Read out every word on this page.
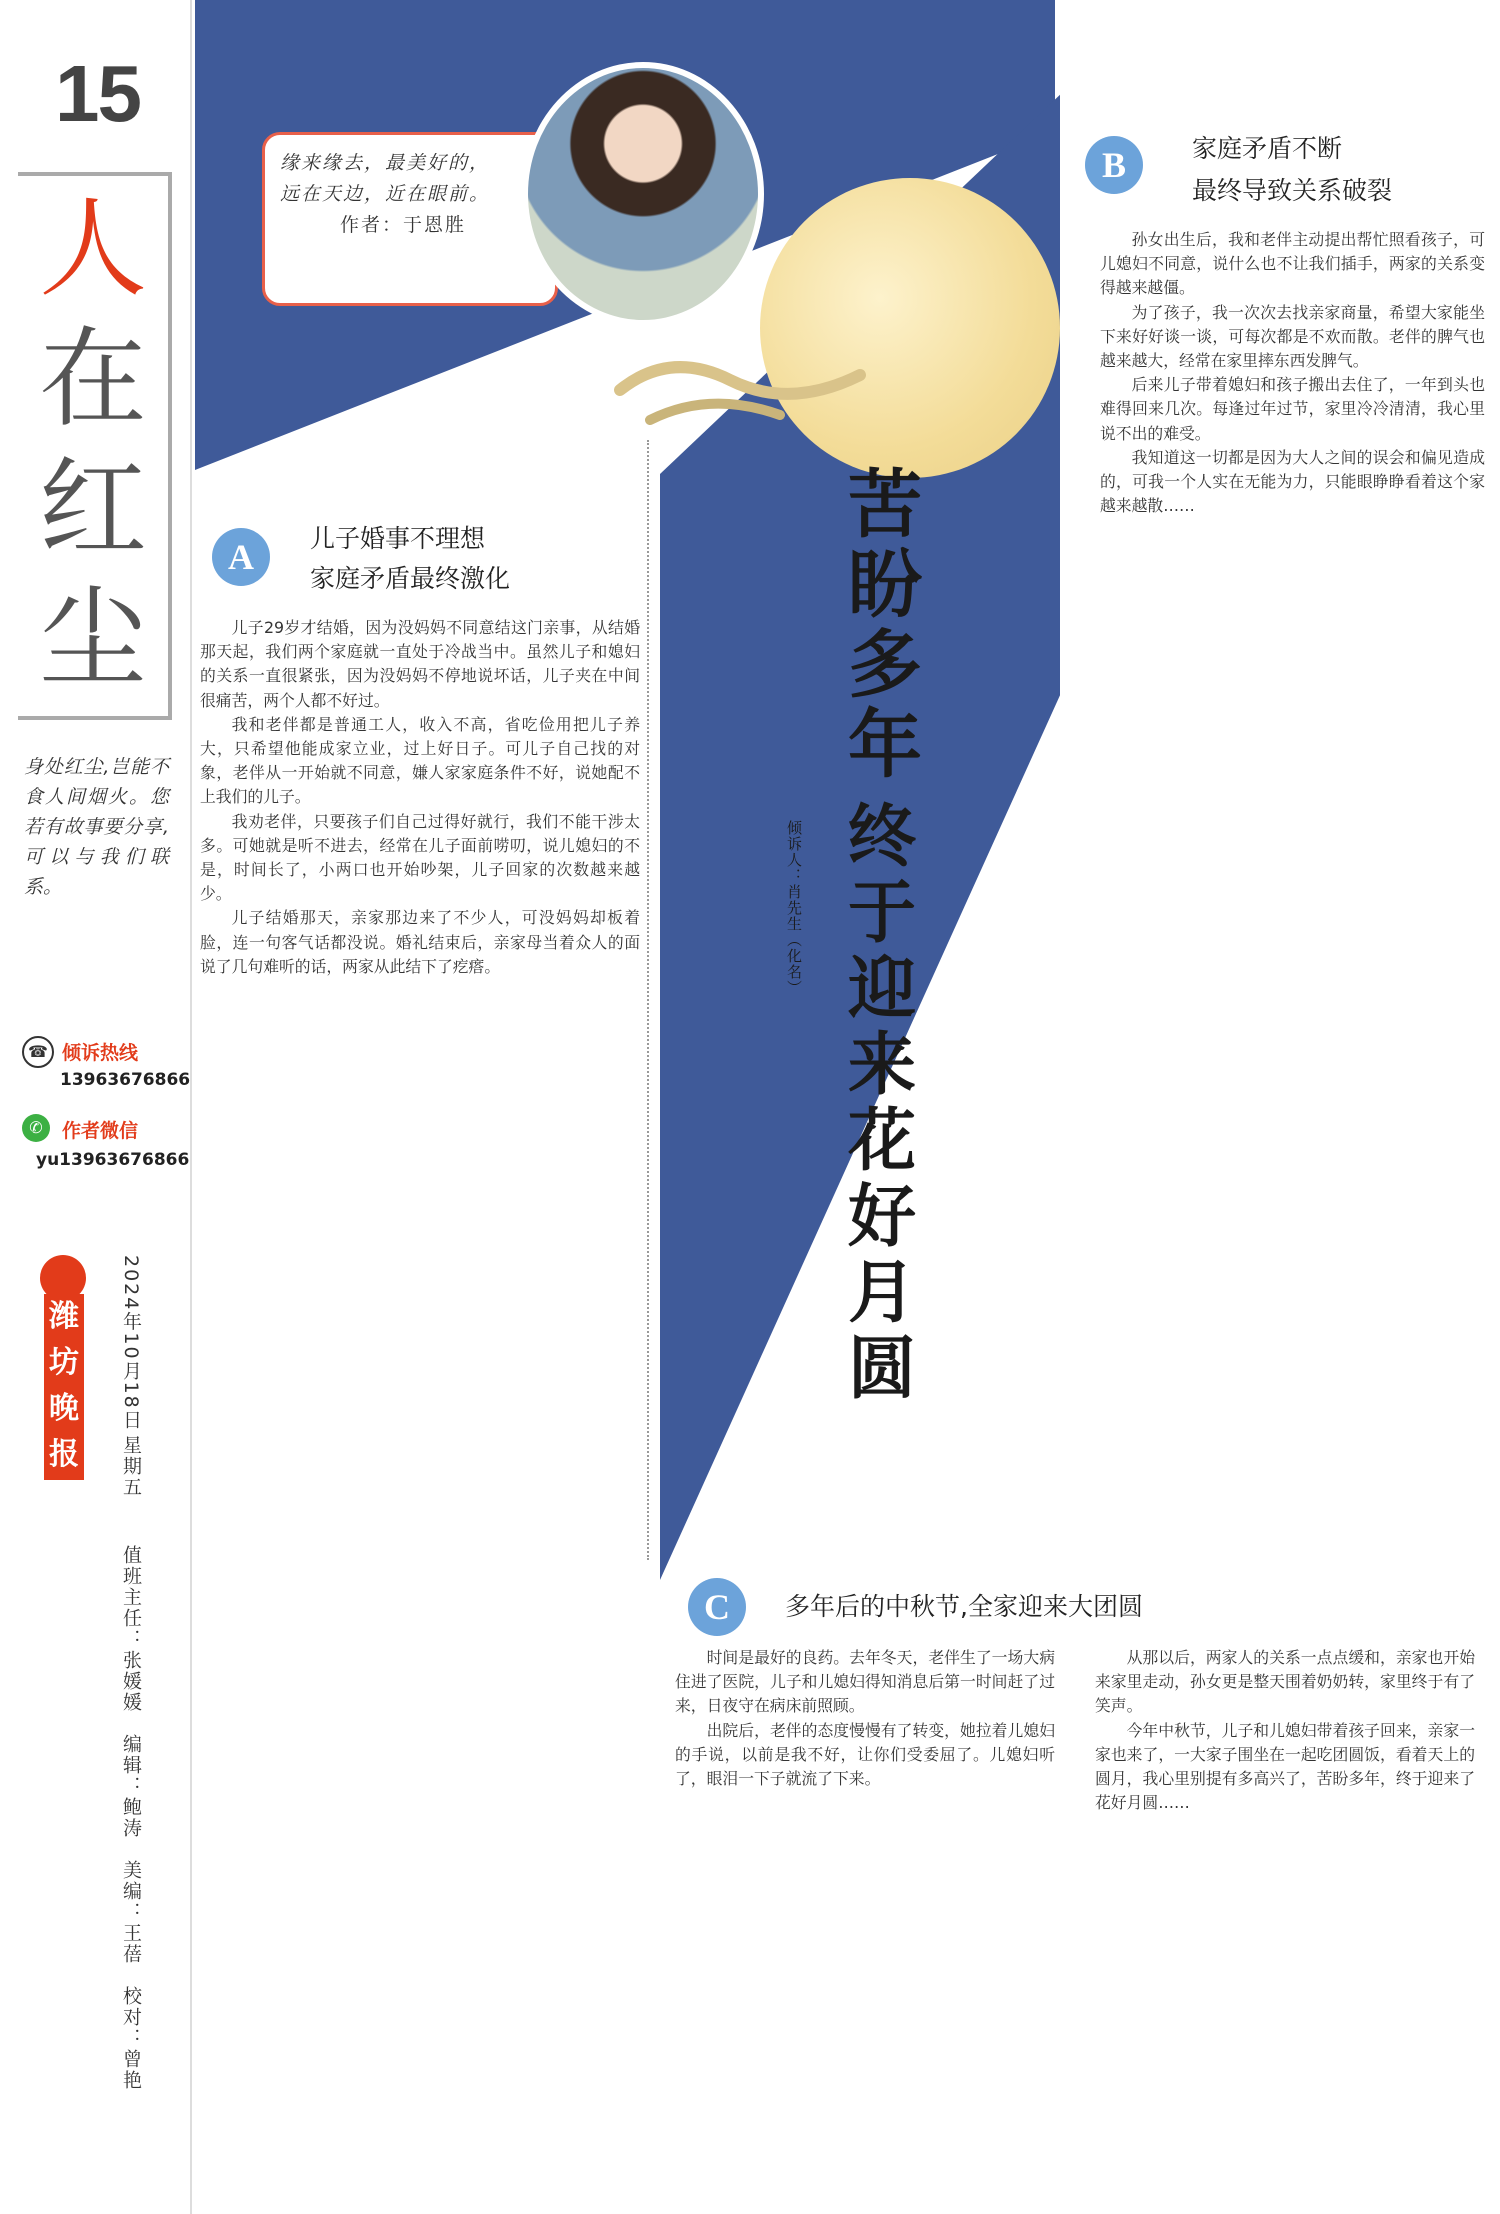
15
人
在
红
尘
身处红尘,岂能不食人间烟火。您若有故事要分享,可以与我们联系。
☎ 倾诉热线
13963676866
✆	作者微信
yu13963676866
潍坊晚报
2024年10月18日
星期五
值班主任：张媛媛　编辑：鲍涛　美编：王蓓　校对：曾艳
缘来缘去，最美好的，远在天边，近在眼前。
作者：于恩胜
苦盼多年
终于迎来花好月圆
倾诉人：肖先生（化名）
A	儿子婚事不理想
家庭矛盾最终激化

儿子29岁才结婚，因为没妈妈不同意结这门亲事，从结婚那天起，我们两个家庭就一直处于冷战当中。虽然儿子和媳妇的关系一直很紧张，因为没妈妈不停地说坏话，儿子夹在中间很痛苦，两个人都不好过。

我和老伴都是普通工人，收入不高，省吃俭用把儿子养大，只希望他能成家立业，过上好日子。可儿子自己找的对象，老伴从一开始就不同意，嫌人家家庭条件不好，说她配不上我们的儿子。

我劝老伴，只要孩子们自己过得好就行，我们不能干涉太多。可她就是听不进去，经常在儿子面前唠叨，说儿媳妇的不是，时间长了，小两口也开始吵架，儿子回家的次数越来越少。

儿子结婚那天，亲家那边来了不少人，可没妈妈却板着脸，连一句客气话都没说。婚礼结束后，亲家母当着众人的面说了几句难听的话，两家从此结下了疙瘩。

B	家庭矛盾不断
最终导致关系破裂

孙女出生后，我和老伴主动提出帮忙照看孩子，可儿媳妇不同意，说什么也不让我们插手，两家的关系变得越来越僵。

为了孩子，我一次次去找亲家商量，希望大家能坐下来好好谈一谈，可每次都是不欢而散。老伴的脾气也越来越大，经常在家里摔东西发脾气。

后来儿子带着媳妇和孩子搬出去住了，一年到头也难得回来几次。每逢过年过节，家里冷冷清清，我心里说不出的难受。

我知道这一切都是因为大人之间的误会和偏见造成的，可我一个人实在无能为力，只能眼睁睁看着这个家越来越散……

C	多年后的中秋节,全家迎来大团圆

时间是最好的良药。去年冬天，老伴生了一场大病住进了医院，儿子和儿媳妇得知消息后第一时间赶了过来，日夜守在病床前照顾。

出院后，老伴的态度慢慢有了转变，她拉着儿媳妇的手说，以前是我不好，让你们受委屈了。儿媳妇听了，眼泪一下子就流了下来。

从那以后，两家人的关系一点点缓和，亲家也开始来家里走动，孙女更是整天围着奶奶转，家里终于有了笑声。

今年中秋节，儿子和儿媳妇带着孩子回来，亲家一家也来了，一大家子围坐在一起吃团圆饭，看着天上的圆月，我心里别提有多高兴了，苦盼多年，终于迎来了花好月圆……
